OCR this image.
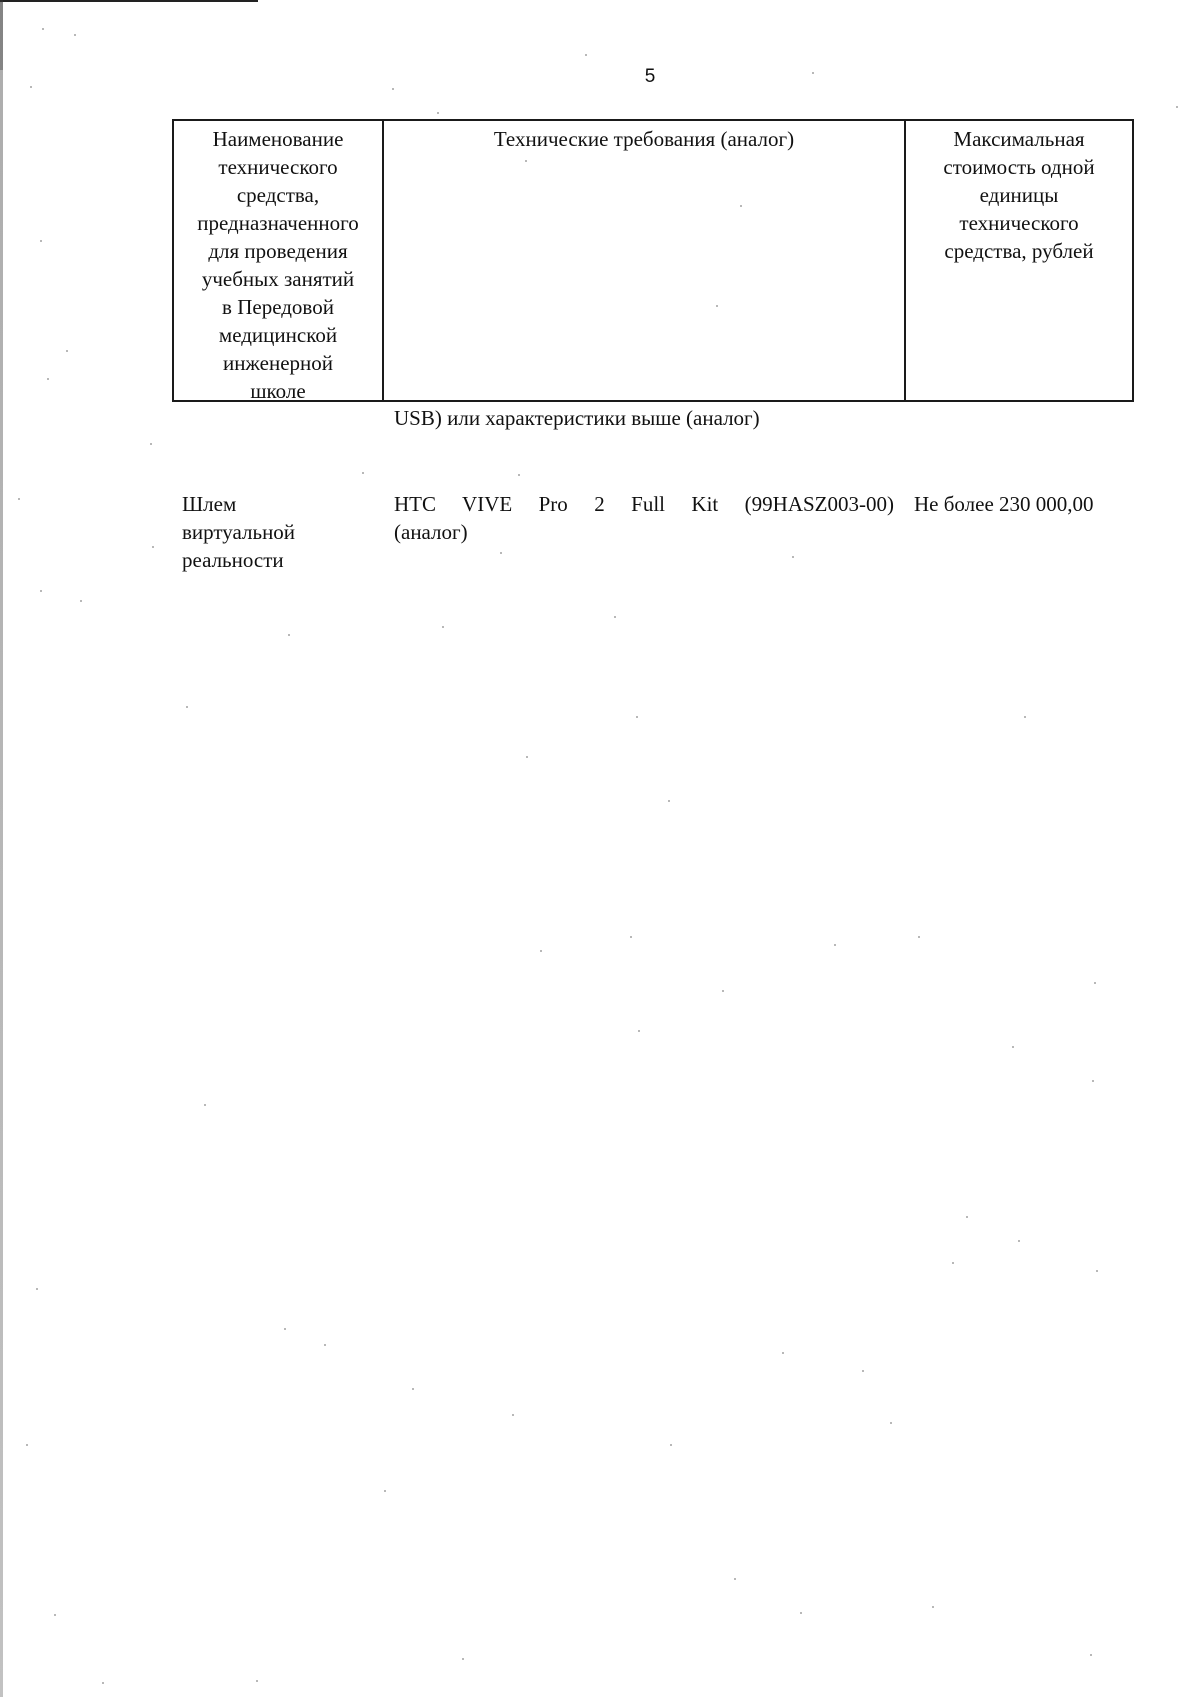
5
Наименование
технического
средства,
предназначенного
для проведения
учебных занятий
в Передовой
медицинской
инженерной
школе
Технические требования (аналог)	Максимальная
стоимость одной
единицы
технического
средства, рублей
USB) или характеристики выше (аналог)
Шлем
виртуальной
реальности
HTC VIVE Pro 2 Full Kit (99HASZ003-00)
(аналог)
Не более 230 000,00
